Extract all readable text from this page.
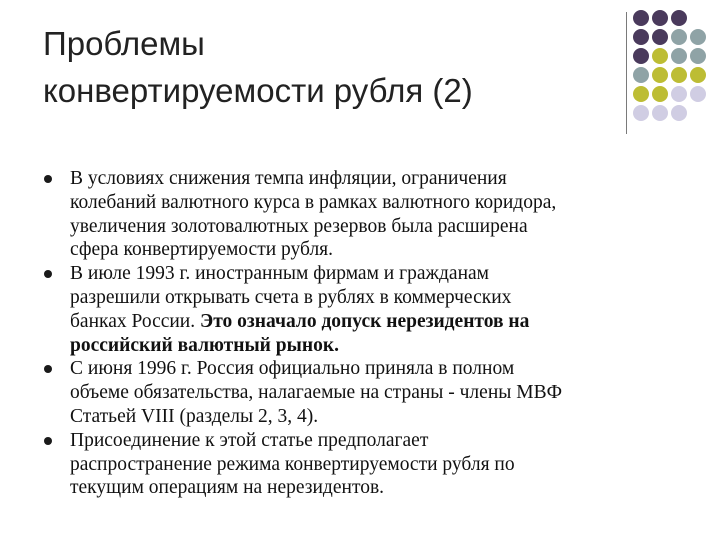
Проблемы
конвертируемости рубля (2)
В условиях снижения темпа инфляции, ограничения
колебаний валютного курса в рамках валютного коридора,
увеличения золотовалютных резервов была расширена
сфера конвертируемости рубля.
В июле 1993 г. иностранным фирмам и гражданам
разрешили открывать счета в рублях в коммерческих
банках России. Это означало допуск нерезидентов на
российский валютный рынок.
С июня 1996 г. Россия официально приняла в полном
объеме обязательства, налагаемые на страны - члены МВФ
Статьей VIII (разделы 2, 3, 4).
Присоединение к этой статье предполагает
распространение режима конвертируемости рубля по
текущим операциям на нерезидентов.
